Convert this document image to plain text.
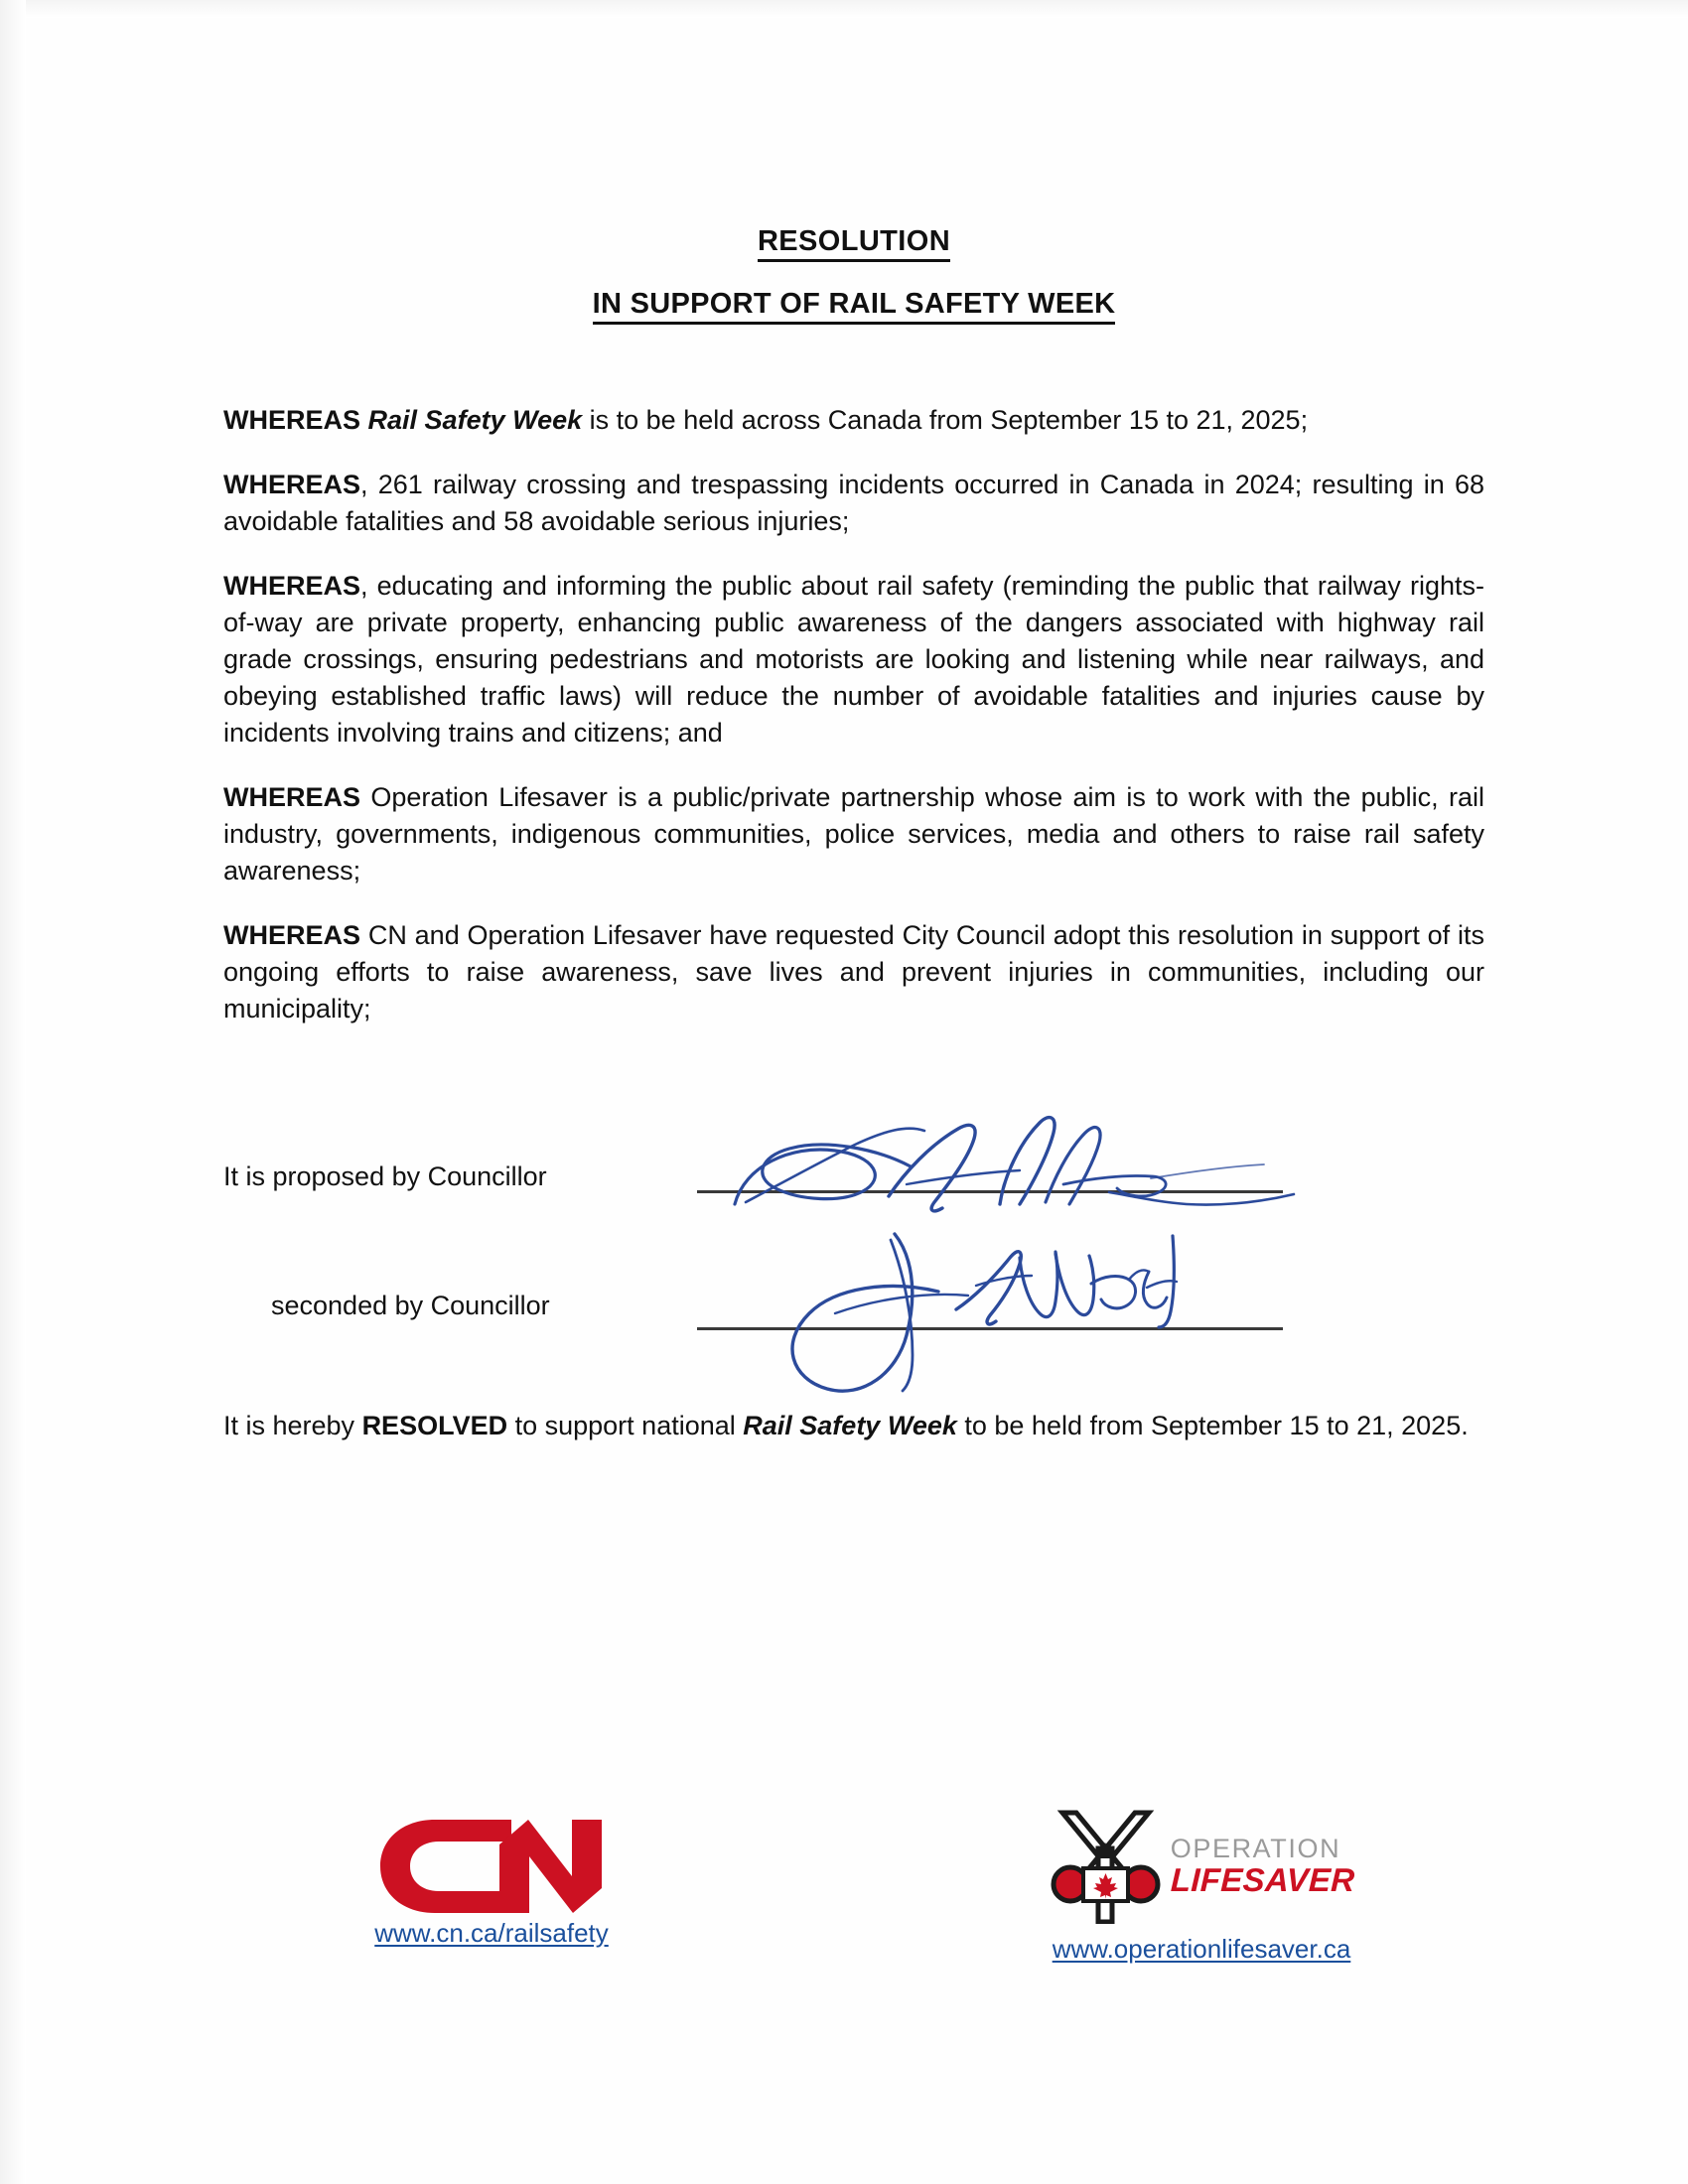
RESOLUTION
IN SUPPORT OF RAIL SAFETY WEEK

WHEREAS Rail Safety Week is to be held across Canada from September 15 to 21, 2025;

WHEREAS, 261 railway crossing and trespassing incidents occurred in Canada in 2024; resulting in 68 avoidable fatalities and 58 avoidable serious injuries;

WHEREAS, educating and informing the public about rail safety (reminding the public that railway rights-of-way are private property, enhancing public awareness of the dangers associated with highway rail grade crossings, ensuring pedestrians and motorists are looking and listening while near railways, and obeying established traffic laws) will reduce the number of avoidable fatalities and injuries cause by incidents involving trains and citizens; and

WHEREAS Operation Lifesaver is a public/private partnership whose aim is to work with the public, rail industry, governments, indigenous communities, police services, media and others to raise rail safety awareness;

WHEREAS CN and Operation Lifesaver have requested City Council adopt this resolution in support of its ongoing efforts to raise awareness, save lives and prevent injuries in communities, including our municipality;

It is proposed by Councillor
seconded by Councillor

It is hereby RESOLVED to support national Rail Safety Week to be held from September 15 to 21, 2025.

www.cn.ca/railsafety
OPERATION
LIFESAVER
www.operationlifesaver.ca
